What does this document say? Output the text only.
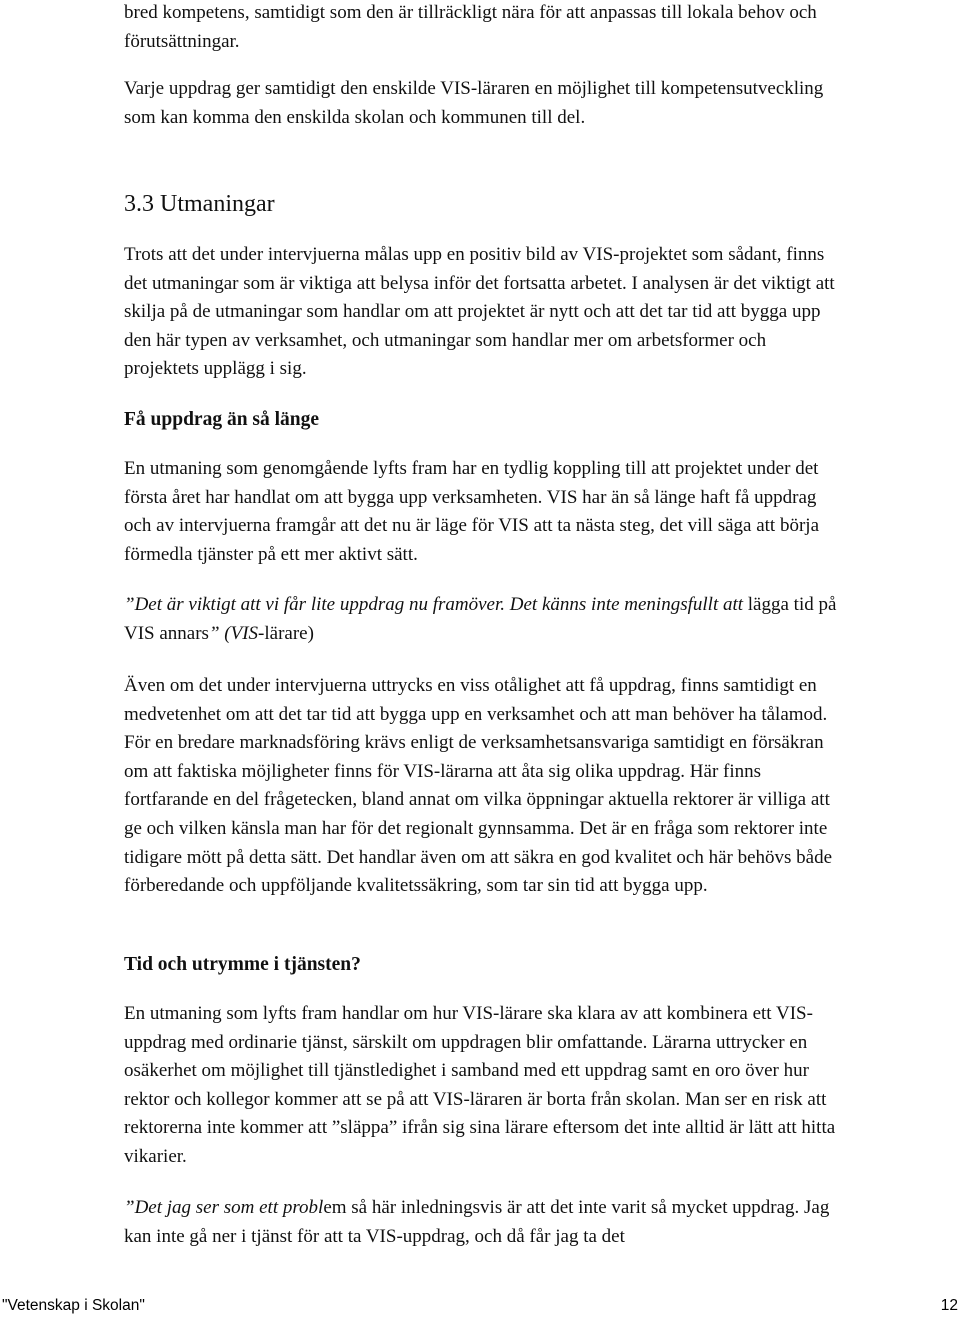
bred kompetens, samtidigt som den är tillräckligt nära för att anpassas till lokala behov och förutsättningar.

Varje uppdrag ger samtidigt den enskilde VIS-läraren en möjlighet till kompetensutveckling som kan komma den enskilda skolan och kommunen till del.

3.3 Utmaningar

Trots att det under intervjuerna målas upp en positiv bild av VIS-projektet som sådant, finns det utmaningar som är viktiga att belysa inför det fortsatta arbetet. I analysen är det viktigt att skilja på de utmaningar som handlar om att projektet är nytt och att det tar tid att bygga upp den här typen av verksamhet, och utmaningar som handlar mer om arbetsformer och projektets upplägg i sig.

Få uppdrag än så länge

En utmaning som genomgående lyfts fram har en tydlig koppling till att projektet under det första året har handlat om att bygga upp verksamheten. VIS har än så länge haft få uppdrag och av intervjuerna framgår att det nu är läge för VIS att ta nästa steg, det vill säga att börja förmedla tjänster på ett mer aktivt sätt.

”Det är viktigt att vi får lite uppdrag nu framöver. Det känns inte meningsfullt att lägga tid på VIS annars” (VIS-lärare)

Även om det under intervjuerna uttrycks en viss otålighet att få uppdrag, finns samtidigt en medvetenhet om att det tar tid att bygga upp en verksamhet och att man behöver ha tålamod. För en bredare marknadsföring krävs enligt de verksamhetsansvariga samtidigt en försäkran om att faktiska möjligheter finns för VIS-lärarna att åta sig olika uppdrag. Här finns fortfarande en del frågetecken, bland annat om vilka öppningar aktuella rektorer är villiga att ge och vilken känsla man har för det regionalt gynnsamma. Det är en fråga som rektorer inte tidigare mött på detta sätt. Det handlar även om att säkra en god kvalitet och här behövs både förberedande och uppföljande kvalitetssäkring, som tar sin tid att bygga upp.

Tid och utrymme i tjänsten?

En utmaning som lyfts fram handlar om hur VIS-lärare ska klara av att kombinera ett VIS-uppdrag med ordinarie tjänst, särskilt om uppdragen blir omfattande. Lärarna uttrycker en osäkerhet om möjlighet till tjänstledighet i samband med ett uppdrag samt en oro över hur rektor och kollegor kommer att se på att VIS-läraren är borta från skolan. Man ser en risk att rektorerna inte kommer att ”släppa” ifrån sig sina lärare eftersom det inte alltid är lätt att hitta vikarier.

”Det jag ser som ett problem så här inledningsvis är att det inte varit så mycket uppdrag. Jag kan inte gå ner i tjänst för att ta VIS-uppdrag, och då får jag ta det

"Vetenskap i Skolan"	12
